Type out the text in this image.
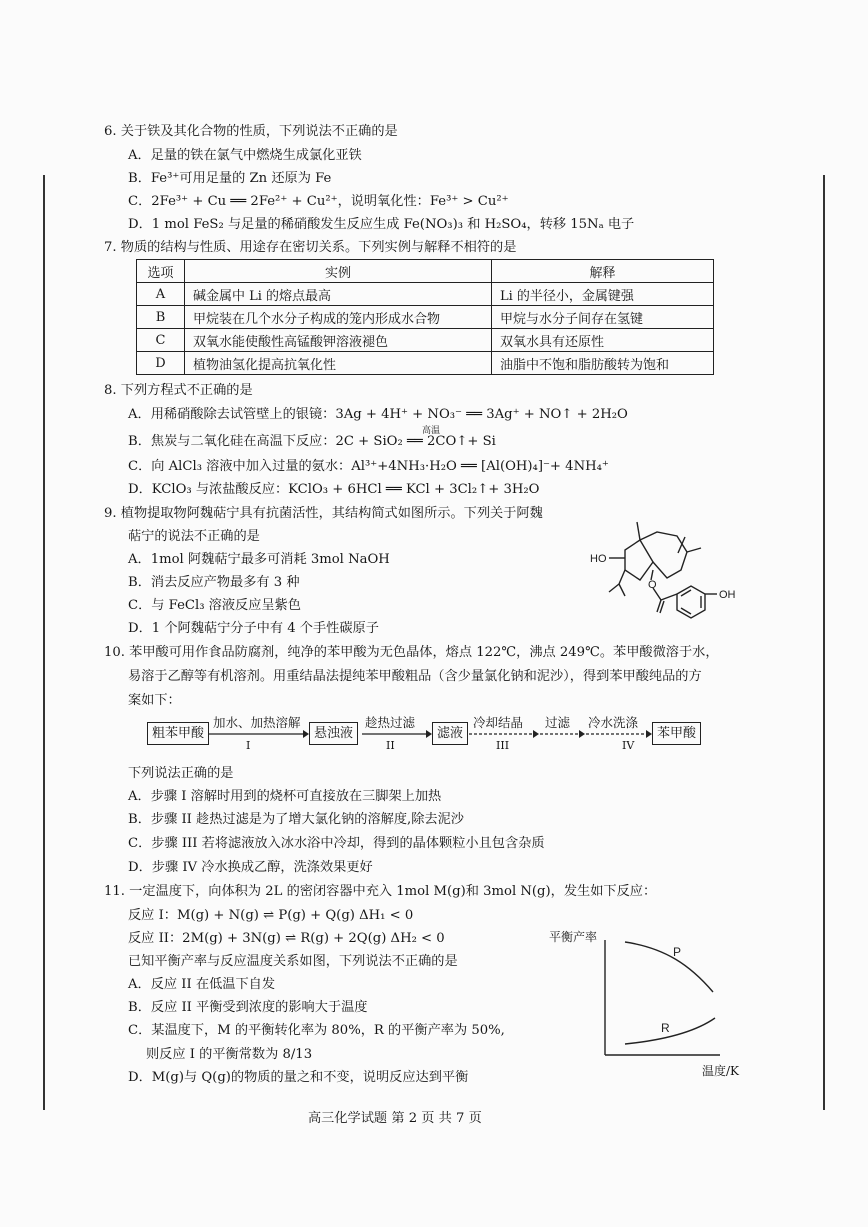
6. 关于铁及其化合物的性质，下列说法不正确的是
A．足量的铁在氯气中燃烧生成氯化亚铁
B．Fe³⁺可用足量的 Zn 还原为 Fe
C．2Fe³⁺ + Cu ══ 2Fe²⁺ + Cu²⁺，说明氧化性：Fe³⁺ > Cu²⁺
D．1 mol FeS₂ 与足量的稀硝酸发生反应生成 Fe(NO₃)₃ 和 H₂SO₄，转移 15Nₐ 电子
7. 物质的结构与性质、用途存在密切关系。下列实例与解释不相符的是
选项	实例	解释
A	碱金属中 Li 的熔点最高	Li 的半径小，金属键强
B	甲烷装在几个水分子构成的笼内形成水合物	甲烷与水分子间存在氢键
C	双氧水能使酸性高锰酸钾溶液褪色	双氧水具有还原性
D	植物油氢化提高抗氧化性	油脂中不饱和脂肪酸转为饱和
8. 下列方程式不正确的是
A．用稀硝酸除去试管壁上的银镜：3Ag + 4H⁺ + NO₃⁻ ══ 3Ag⁺ + NO↑ + 2H₂O
B．焦炭与二氧化硅在高温下反应：2C + SiO₂ ══ 2CO↑+ Si
高温
C．向 AlCl₃ 溶液中加入过量的氨水：Al³⁺+4NH₃·H₂O ══ [Al(OH)₄]⁻+ 4NH₄⁺
D．KClO₃ 与浓盐酸反应：KClO₃ + 6HCl ══ KCl + 3Cl₂↑+ 3H₂O
9. 植物提取物阿魏萜宁具有抗菌活性，其结构简式如图所示。下列关于阿魏
萜宁的说法不正确的是
A．1mol 阿魏萜宁最多可消耗 3mol NaOH
B．消去反应产物最多有 3 种
C．与 FeCl₃ 溶液反应呈紫色
D．1 个阿魏萜宁分子中有 4 个手性碳原子
HO
O
OH
10. 苯甲酸可用作食品防腐剂，纯净的苯甲酸为无色晶体，熔点 122℃，沸点 249℃。苯甲酸微溶于水，
易溶于乙醇等有机溶剂。用重结晶法提纯苯甲酸粗品（含少量氯化钠和泥沙），得到苯甲酸纯品的方
案如下：
粗苯甲酸
加水、加热溶解
I
悬浊液
趁热过滤
II
滤液
冷却结晶
III
过滤 冷水洗涤
IV
苯甲酸
下列说法正确的是
A．步骤 I 溶解时用到的烧杯可直接放在三脚架上加热
B．步骤 II 趁热过滤是为了增大氯化钠的溶解度,除去泥沙
C．步骤 III 若将滤液放入冰水浴中冷却，得到的晶体颗粒小且包含杂质
D．步骤 IV 冷水换成乙醇，洗涤效果更好
11. 一定温度下，向体积为 2L 的密闭容器中充入 1mol M(g)和 3mol N(g)，发生如下反应：
反应 I：M(g) + N(g) ⇌ P(g) + Q(g) ΔH₁ < 0
反应 II：2M(g) + 3N(g) ⇌ R(g) + 2Q(g) ΔH₂ < 0
已知平衡产率与反应温度关系如图，下列说法不正确的是
A．反应 II 在低温下自发
B．反应 II 平衡受到浓度的影响大于温度
C．某温度下，M 的平衡转化率为 80%，R 的平衡产率为 50%,
则反应 I 的平衡常数为 8/13
D．M(g)与 Q(g)的物质的量之和不变，说明反应达到平衡
平衡产率
P
R
温度/K
高三化学试题 第 2 页 共 7 页
